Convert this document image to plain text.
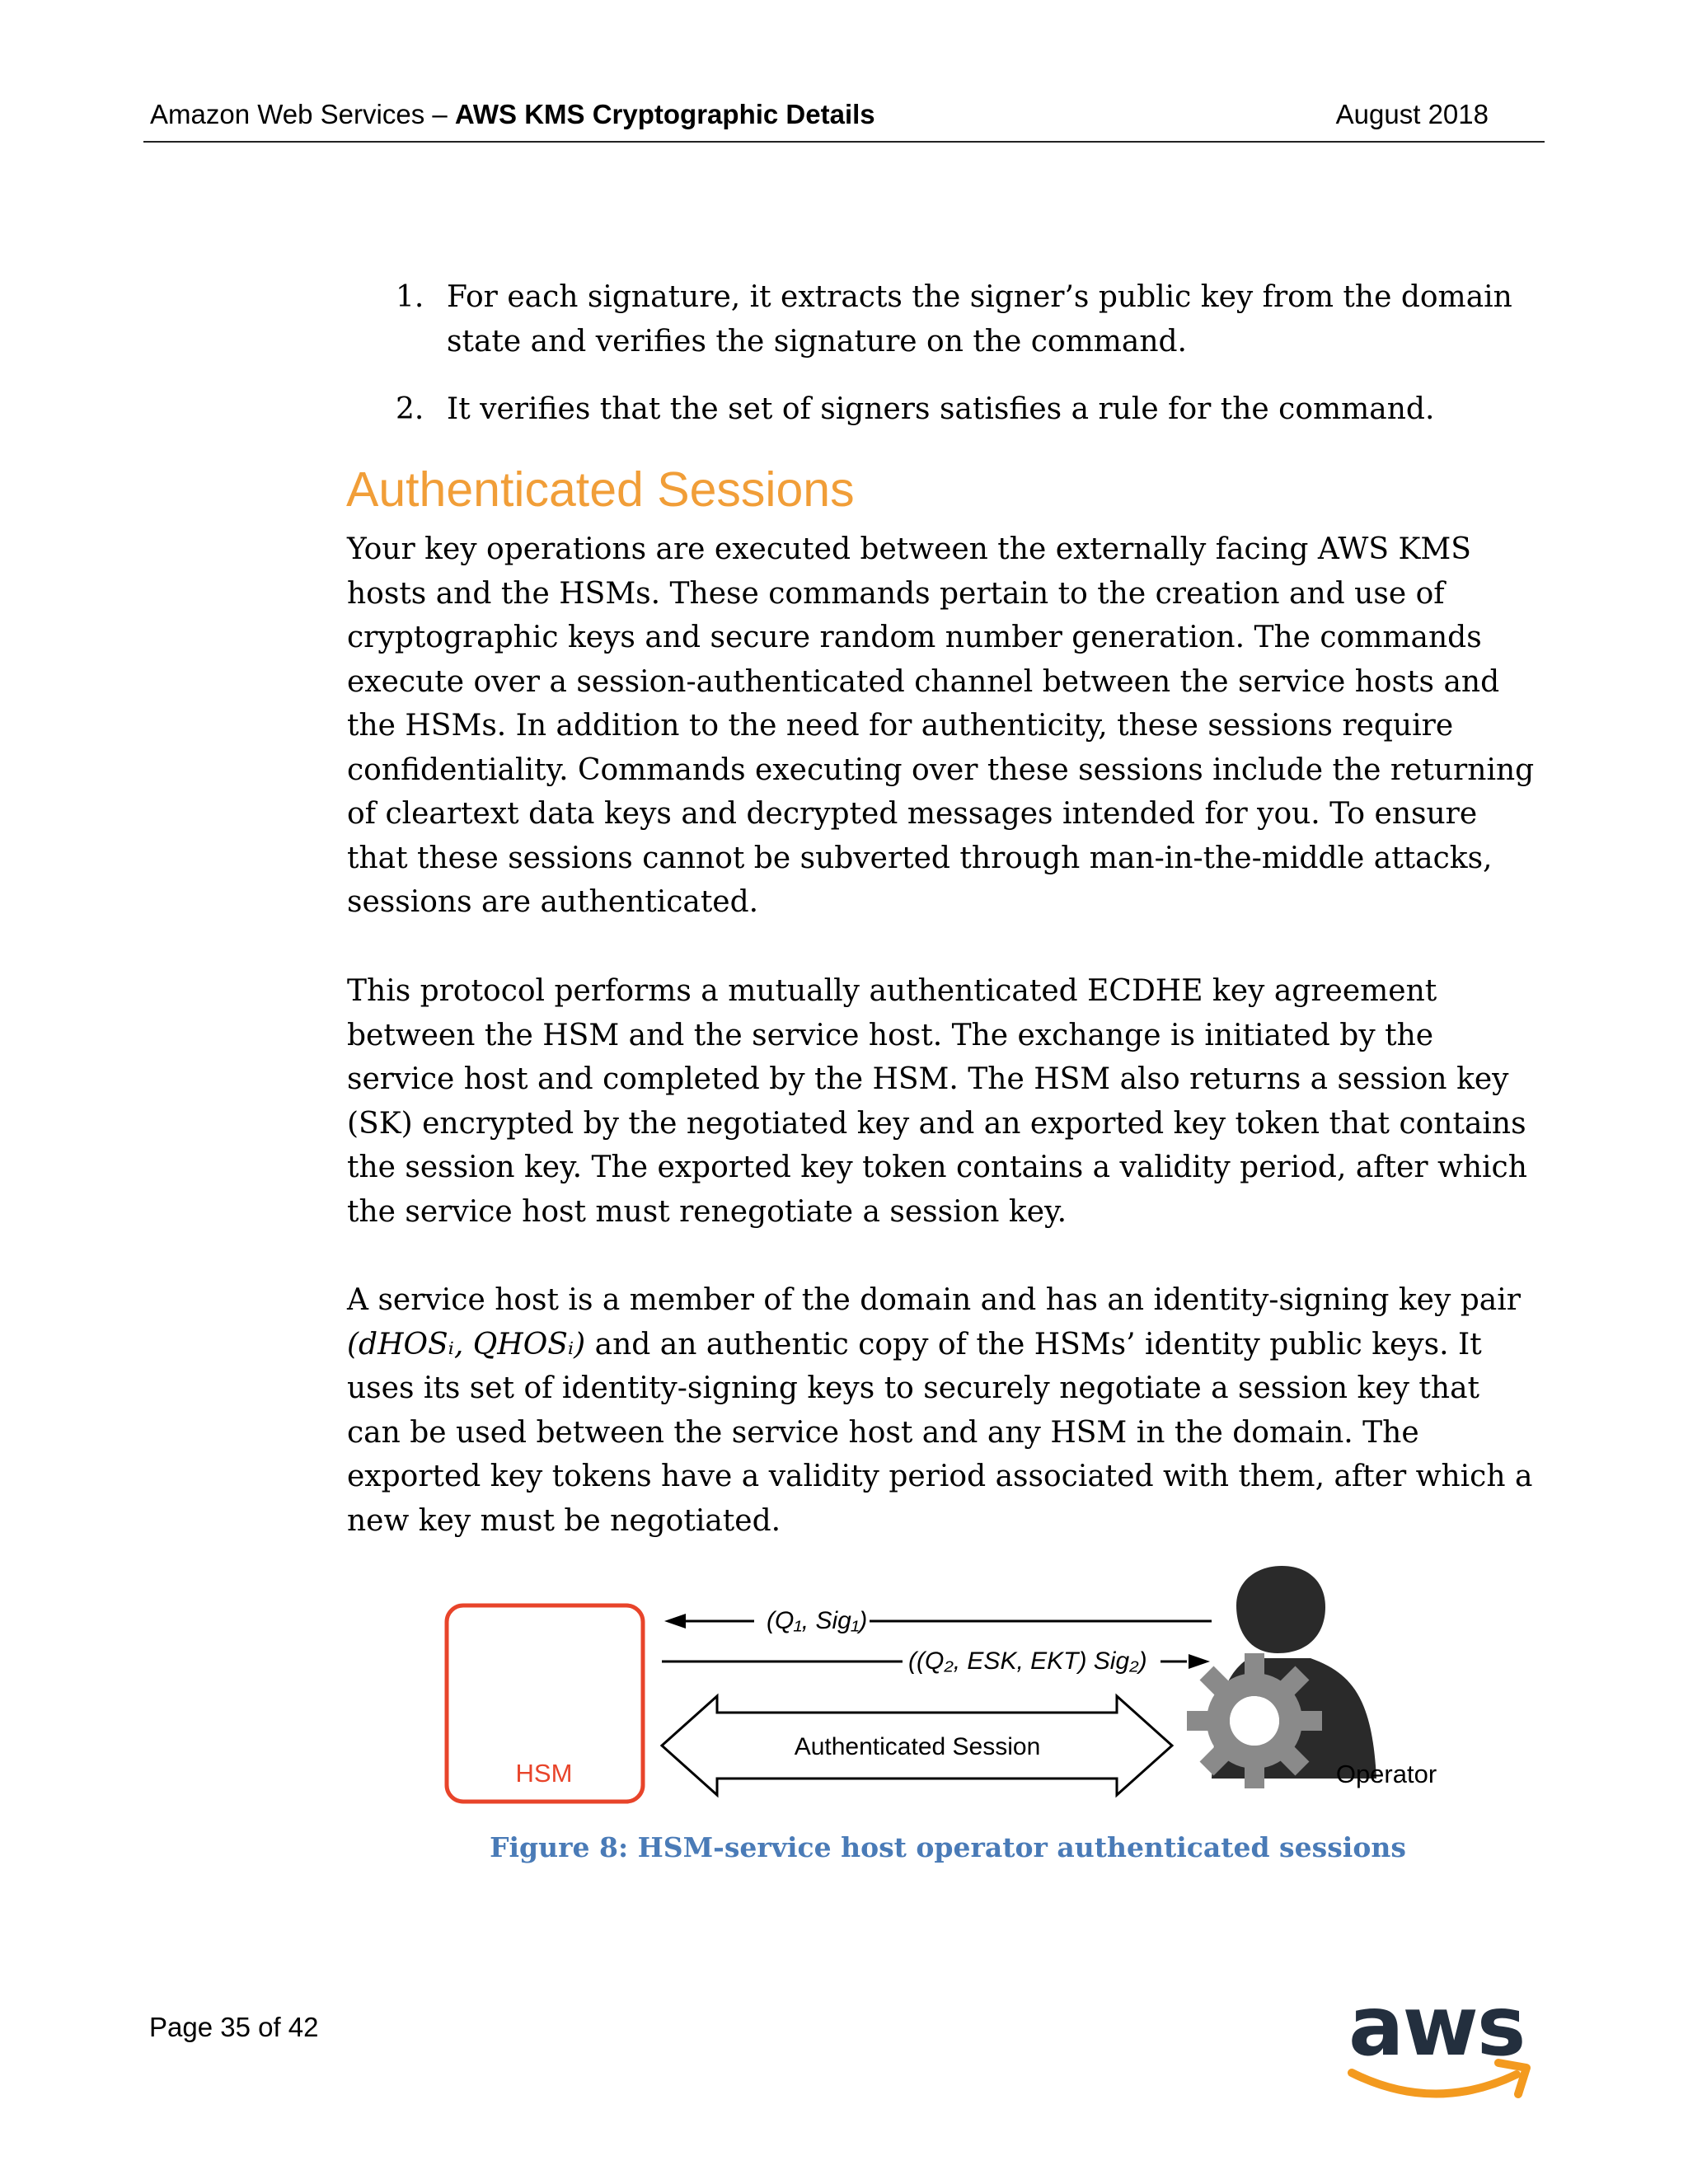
Amazon Web Services – AWS KMS Cryptographic Details	August 2018
1. For each signature, it extracts the signer’s public key from the domain state and verifies the signature on the command.
2. It verifies that the set of signers satisfies a rule for the command.
Authenticated Sessions

Your key operations are executed between the externally facing AWS KMS hosts and the HSMs. These commands pertain to the creation and use of cryptographic keys and secure random number generation. The commands execute over a session-authenticated channel between the service hosts and the HSMs. In addition to the need for authenticity, these sessions require confidentiality. Commands executing over these sessions include the returning of cleartext data keys and decrypted messages intended for you. To ensure that these sessions cannot be subverted through man-in-the-middle attacks, sessions are authenticated.

This protocol performs a mutually authenticated ECDHE key agreement between the HSM and the service host. The exchange is initiated by the service host and completed by the HSM. The HSM also returns a session key (SK) encrypted by the negotiated key and an exported key token that contains the session key. The exported key token contains a validity period, after which the service host must renegotiate a session key.

A service host is a member of the domain and has an identity-signing key pair (dHOSᵢ, QHOSᵢ) and an authentic copy of the HSMs’ identity public keys. It uses its set of identity-signing keys to securely negotiate a session key that can be used between the service host and any HSM in the domain. The exported key tokens have a validity period associated with them, after which a new key must be negotiated.

HSM
(Q₁, Sig₁)
((Q₂, ESK, EKT) Sig₂)
Authenticated Session
Operator
Figure 8: HSM-service host operator authenticated sessions
Page 35 of 42	aws
